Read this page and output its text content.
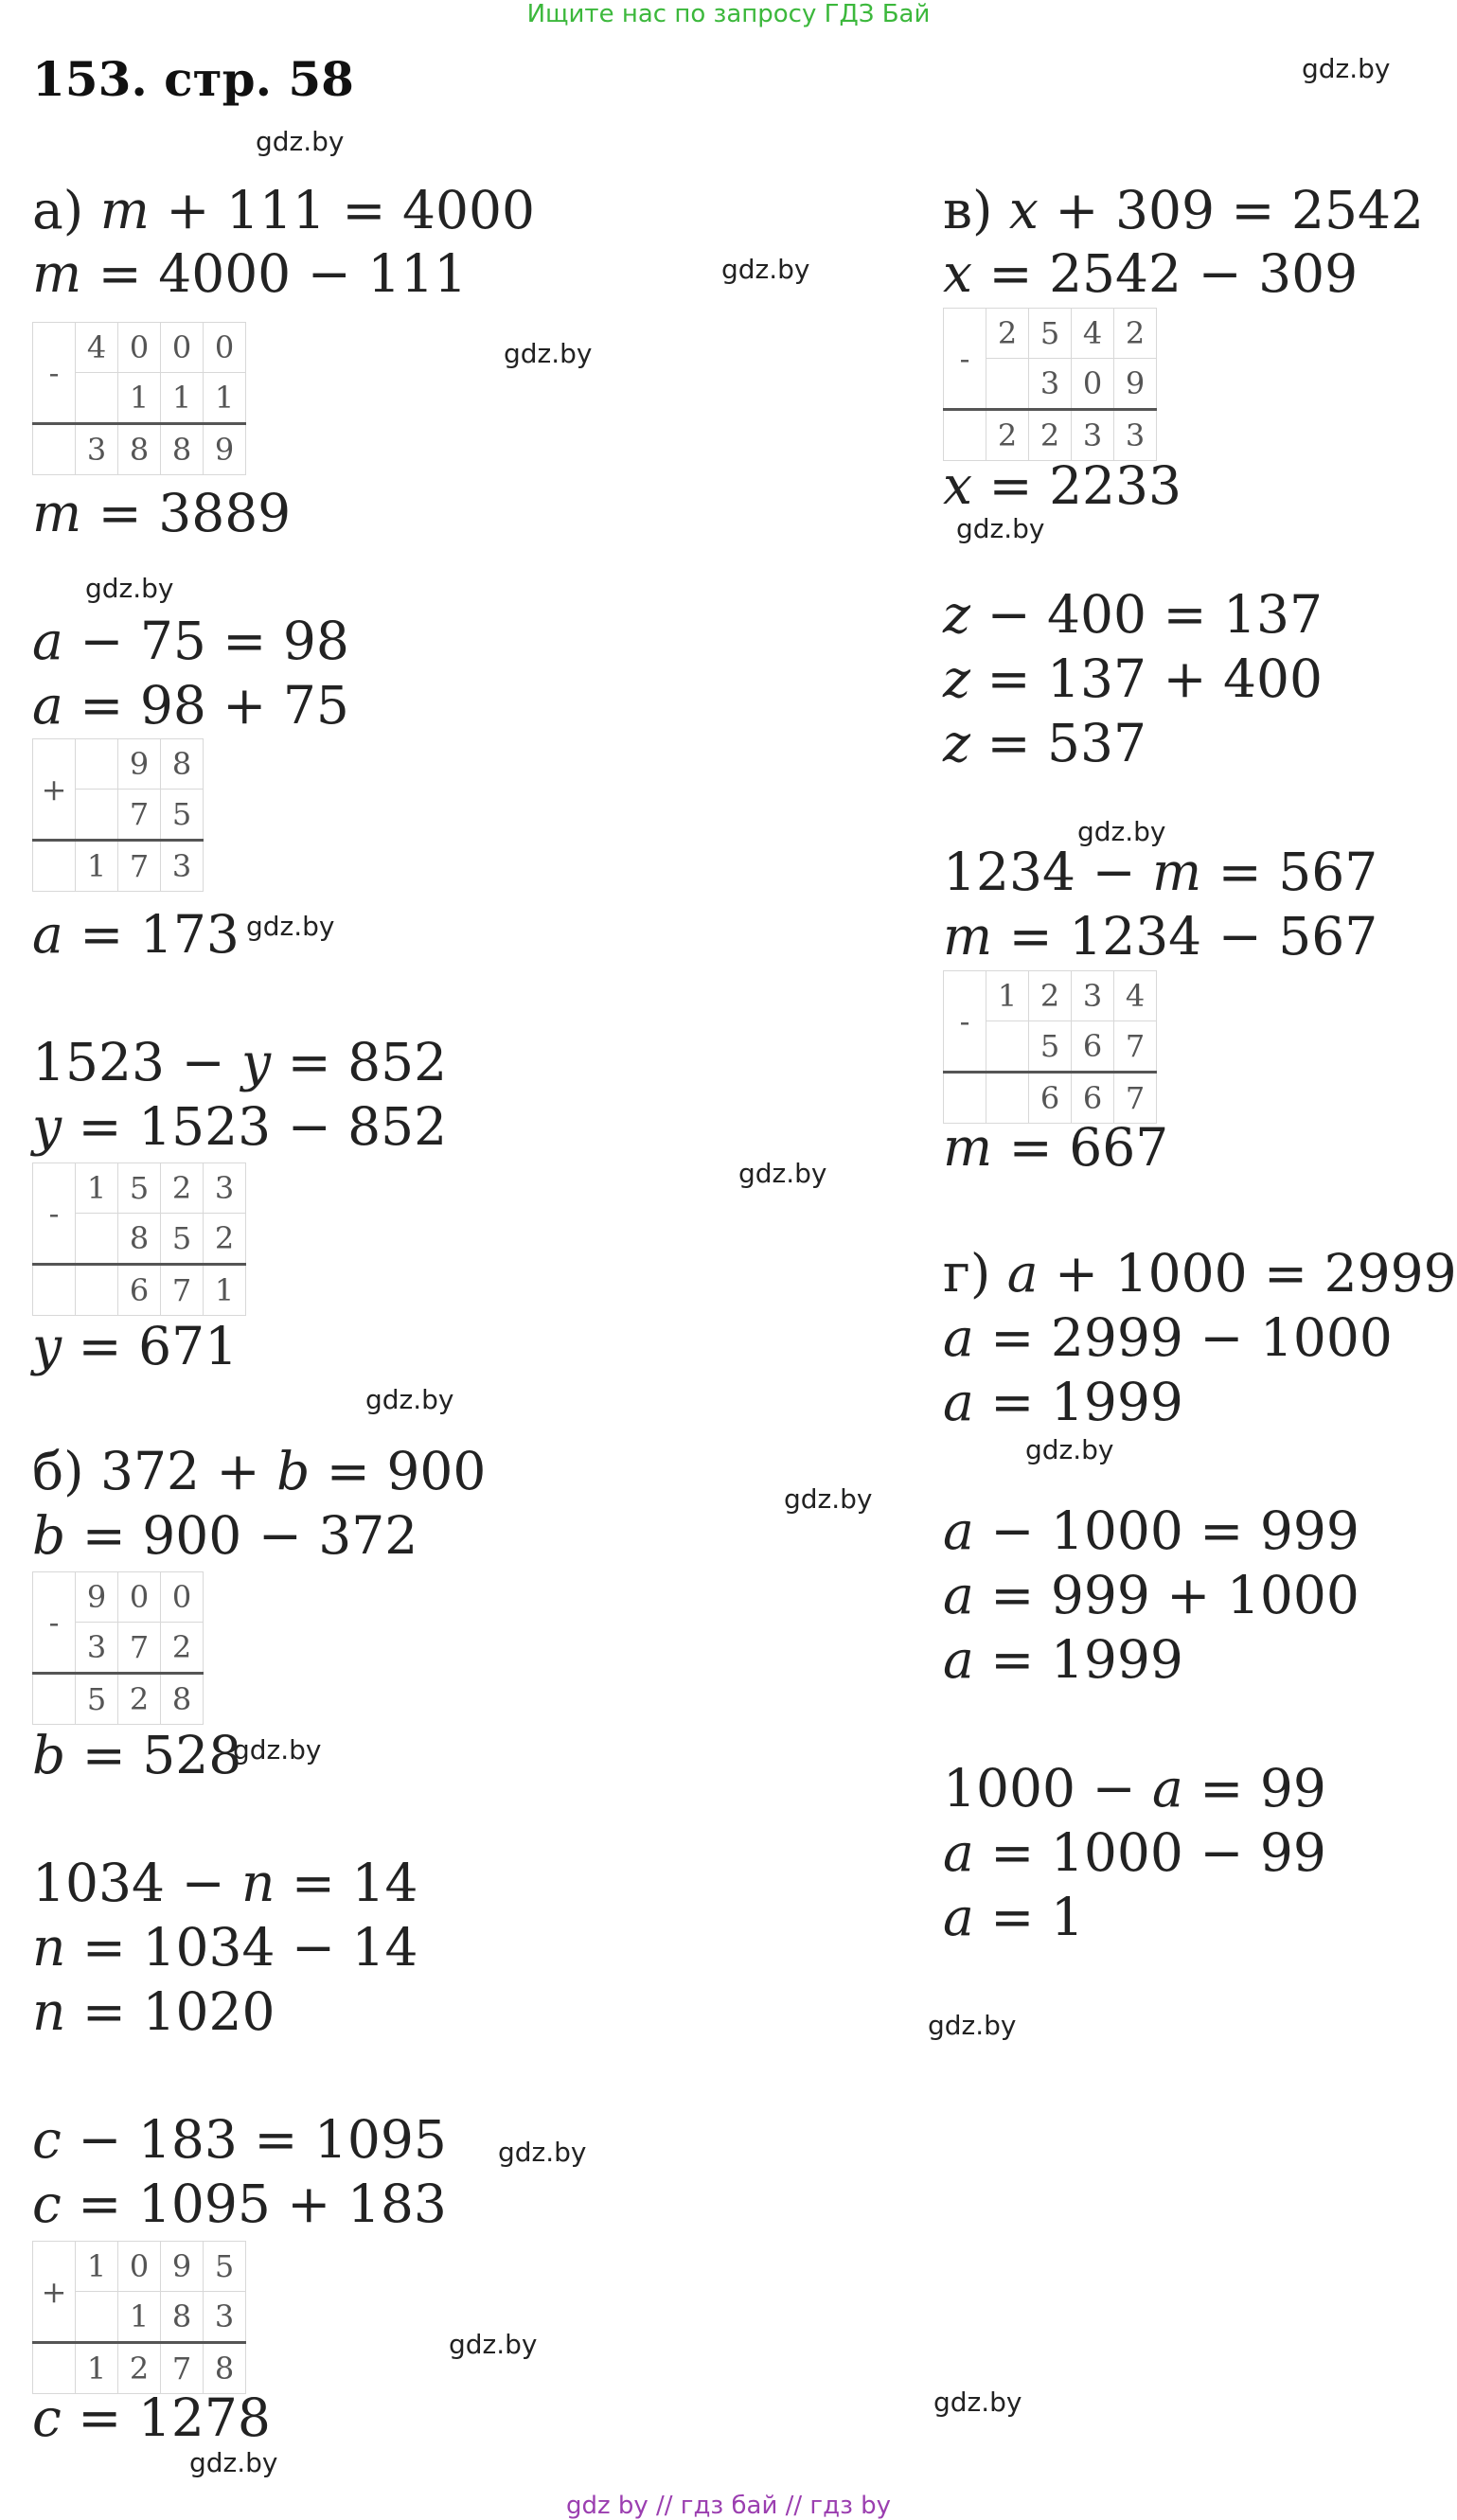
Ищите нас по запросу ГДЗ Бай
153. стр. 58
а) 𝑚 + 111 = 4000
𝑚 = 4000 − 111
-	4	0	0	0
		1	1	1
	3	8	8	9
𝑚 = 3889
𝑎 − 75 = 98
𝑎 = 98 + 75
+		9	8
		7	5
	1	7	3
𝑎 = 173
1523 − 𝑦 = 852
𝑦 = 1523 − 852
-	1	5	2	3
		8	5	2
		6	7	1
𝑦 = 671
б) 372 + 𝑏 = 900
𝑏 = 900 − 372
-	9	0	0
	3	7	2
	5	2	8
𝑏 = 528
1034 − 𝑛 = 14
𝑛 = 1034 − 14
𝑛 = 1020
𝑐 − 183 = 1095
𝑐 = 1095 + 183
+	1	0	9	5
		1	8	3
	1	2	7	8
𝑐 = 1278
в) 𝑥 + 309 = 2542
𝑥 = 2542 − 309
-	2	5	4	2
		3	0	9
	2	2	3	3
𝑥 = 2233
𝑧 − 400 = 137
𝑧 = 137 + 400
𝑧 = 537
1234 − 𝑚 = 567
𝑚 = 1234 − 567
-	1	2	3	4
		5	6	7
		6	6	7
𝑚 = 667
г) 𝑎 + 1000 = 2999
𝑎 = 2999 − 1000
𝑎 = 1999
𝑎 − 1000 = 999
𝑎 = 999 + 1000
𝑎 = 1999
1000 − 𝑎 = 99
𝑎 = 1000 − 99
𝑎 = 1
gdz.by
gdz.by
gdz.by
gdz.by
gdz.by
gdz.by
gdz.by
gdz.by
gdz.by
gdz.by
gdz.by
gdz.by
gdz.by
gdz.by
gdz.by
gdz.by
gdz.by
gdz.by
gdz by // гдз бай // гдз by
